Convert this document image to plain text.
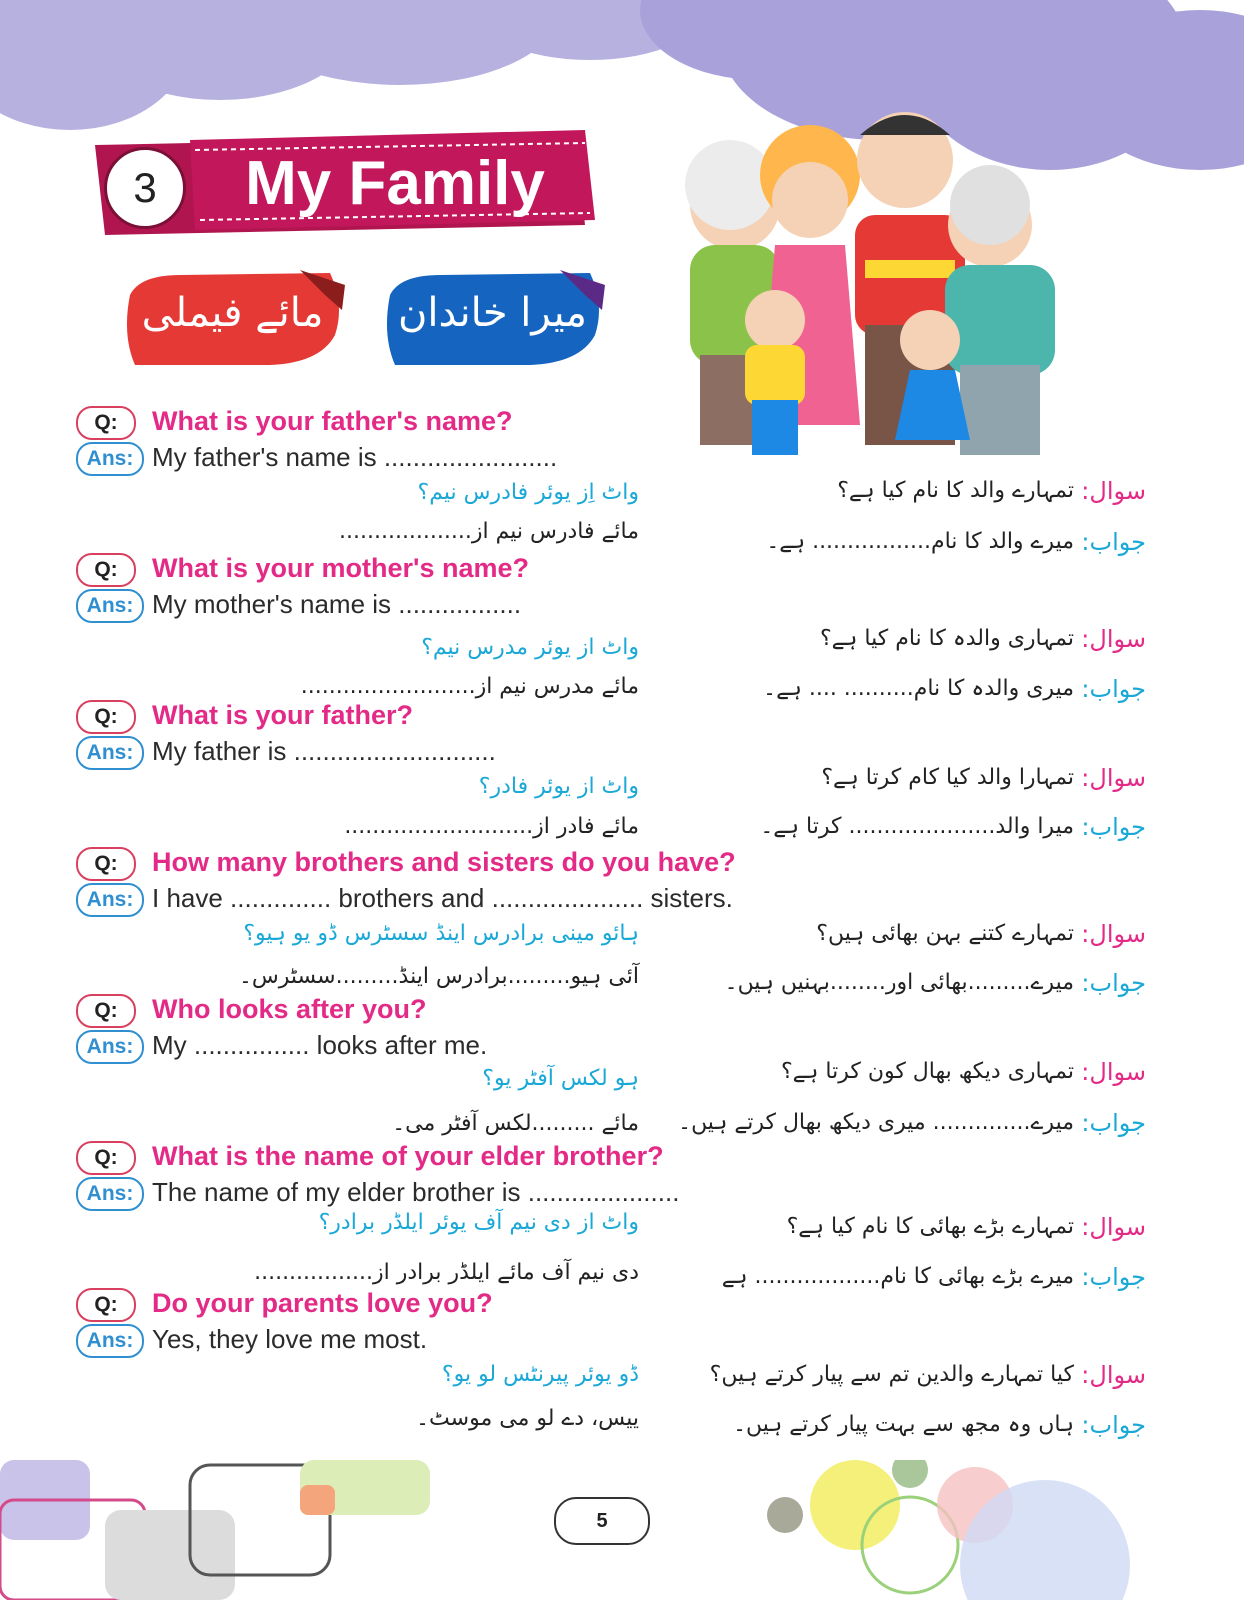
3	My Family
مائے فیملی میرا خاندان
Q:	What is your father's name?
Ans: My father's name is ........................
واٹ اِز یوئر فادرس نیم؟
مائے فادرس نیم از...................
سوال:
تمہارے والد کا نام کیا ہے؟
جواب:
میرے والد کا نام................. ہے۔
Q:	What is your mother's name?
Ans: My mother's name is .................
واٹ از یوئر مدرس نیم؟
مائے مدرس نیم از.........................
سوال:
تمہاری والدہ کا نام کیا ہے؟
جواب:
میری والدہ کا نام.......... .... ہے۔
Q:	What is your father?
Ans: My father is ............................
واٹ از یوئر فادر؟
مائے فادر از...........................
سوال:
تمہارا والد کیا کام کرتا ہے؟
جواب:
میرا والد..................... کرتا ہے۔
Q:	How many brothers and sisters do you have?
Ans: I have .............. brothers and ..................... sisters.
ہائو مینی برادرس اینڈ سسٹرس ڈو یو ہیو؟
آئی ہیو.........برادرس اینڈ.........سسٹرس۔
سوال:
تمہارے کتنے بہن بھائی ہیں؟
جواب:
میرے.........بھائی اور........بہنیں ہیں۔
Q:	Who looks after you?
Ans: My ................ looks after me.
ہو لکس آفٹر یو؟
مائے .........لکس آفٹر می۔
سوال:
تمہاری دیکھ بھال کون کرتا ہے؟
جواب:
میرے.............. میری دیکھ بھال کرتے ہیں۔
Q:	What is the name of your elder brother?
Ans: The name of my elder brother is .....................
واٹ از دی نیم آف یوئر ایلڈر برادر؟
دی نیم آف مائے ایلڈر برادر از.................
سوال:
تمہارے بڑے بھائی کا نام کیا ہے؟
جواب:
میرے بڑے بھائی کا نام.................. ہے
Q:	Do your parents love you?
Ans: Yes, they love me most.
ڈو یوئر پیرنٹس لو یو؟
ییس، دے لو می موسٹ۔
سوال:
کیا تمہارے والدین تم سے پیار کرتے ہیں؟
جواب:
ہاں وہ مجھ سے بہت پیار کرتے ہیں۔
5
